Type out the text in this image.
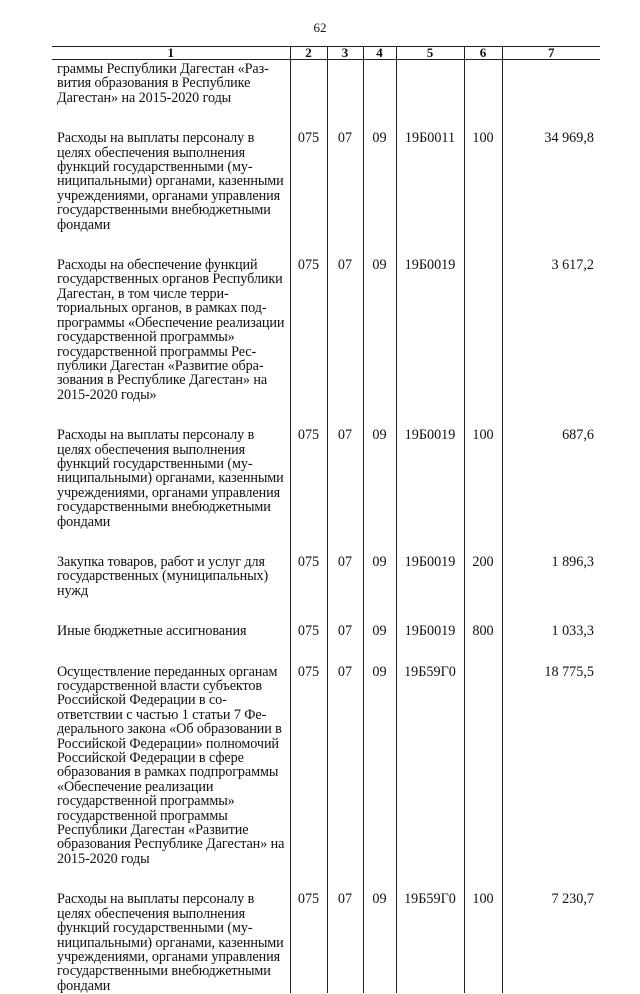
62
1	2	3	4	5	6	7
граммы Республики Дагестан «Развития образования в Республике Дагестан» на 2015-2020 годы						

Расходы на выплаты персоналу в целях обеспечения выполнения функций государственными (муниципальными) органами, казенными учреждениями, органами управления государственными внебюджетными фондами	075	07	09	19Б0011	100	34 969,8

Расходы на обеспечение функций государственных органов Республики Дагестан, в том числе территориальных органов, в рамках подпрограммы «Обеспечение реализации государственной программы» государственной программы Республики Дагестан «Развитие образования в Республике Дагестан» на 2015-2020 годы»	075	07	09	19Б0019		3 617,2

Расходы на выплаты персоналу в целях обеспечения выполнения функций государственными (муниципальными) органами, казенными учреждениями, органами управления государственными внебюджетными фондами	075	07	09	19Б0019	100	687,6

Закупка товаров, работ и услуг для государственных (муниципальных) нужд	075	07	09	19Б0019	200	1 896,3

Иные бюджетные ассигнования	075	07	09	19Б0019	800	1 033,3

Осуществление переданных органам государственной власти субъектов Российской Федерации в соответствии с частью 1 статьи 7 Федерального закона «Об образовании в Российской Федерации» полномочий Российской Федерации в сфере образования в рамках подпрограммы «Обеспечение реализации государственной программы» государственной программы Республики Дагестан «Развитие образования Республике Дагестан» на 2015-2020 годы	075	07	09	19Б59Г0		18 775,5

Расходы на выплаты персоналу в целях обеспечения выполнения функций государственными (муниципальными) органами, казенными учреждениями, органами управления государственными внебюджетными фондами	075	07	09	19Б59Г0	100	7 230,7
